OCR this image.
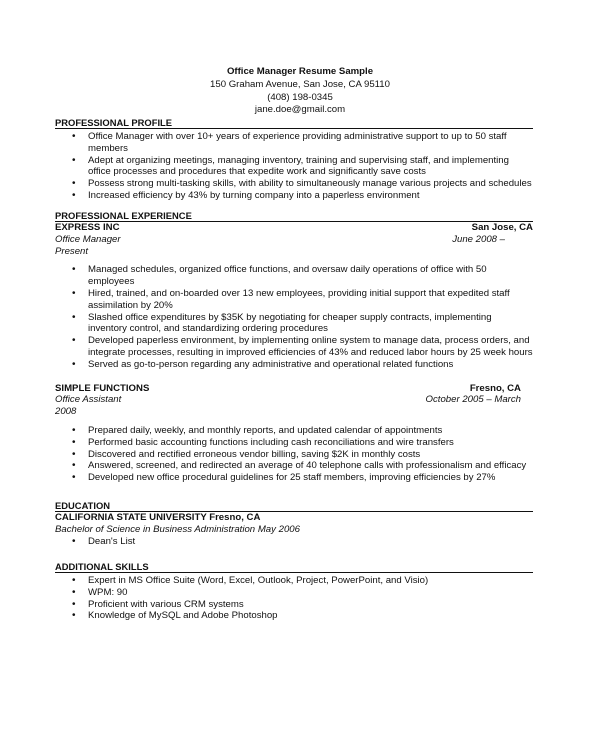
Office Manager Resume Sample
150 Graham Avenue, San Jose, CA 95110
(408) 198-0345
jane.doe@gmail.com
PROFESSIONAL PROFILE
• Office Manager with over 10+ years of experience providing administrative support to up to 50 staff members
• Adept at organizing meetings, managing inventory, training and supervising staff, and implementing office processes and procedures that expedite work and significantly save costs
• Possess strong multi-tasking skills, with ability to simultaneously manage various projects and schedules
• Increased efficiency by 43% by turning company into a paperless environment
PROFESSIONAL EXPERIENCE
EXPRESS INC	San Jose, CA
Office Manager	June 2008 –
Present
• Managed schedules, organized office functions, and oversaw daily operations of office with 50 employees
• Hired, trained, and on-boarded over 13 new employees, providing initial support that expedited staff assimilation by 20%
• Slashed office expenditures by $35K by negotiating for cheaper supply contracts, implementing inventory control, and standardizing ordering procedures
• Developed paperless environment, by implementing online system to manage data, process orders, and integrate processes, resulting in improved efficiencies of 43% and reduced labor hours by 25 week hours
• Served as go-to-person regarding any administrative and operational related functions
SIMPLE FUNCTIONS	Fresno, CA
Office Assistant	October 2005 – March
2008
• Prepared daily, weekly, and monthly reports, and updated calendar of appointments
• Performed basic accounting functions including cash reconciliations and wire transfers
• Discovered and rectified erroneous vendor billing, saving $2K in monthly costs
• Answered, screened, and redirected an average of 40 telephone calls with professionalism and efficacy
• Developed new office procedural guidelines for 25 staff members, improving efficiencies by 27%
EDUCATION
CALIFORNIA STATE UNIVERSITY Fresno, CA
Bachelor of Science in Business Administration May 2006
• Dean's List
ADDITIONAL SKILLS
• Expert in MS Office Suite (Word, Excel, Outlook, Project, PowerPoint, and Visio)
• WPM: 90
• Proficient with various CRM systems
• Knowledge of MySQL and Adobe Photoshop
